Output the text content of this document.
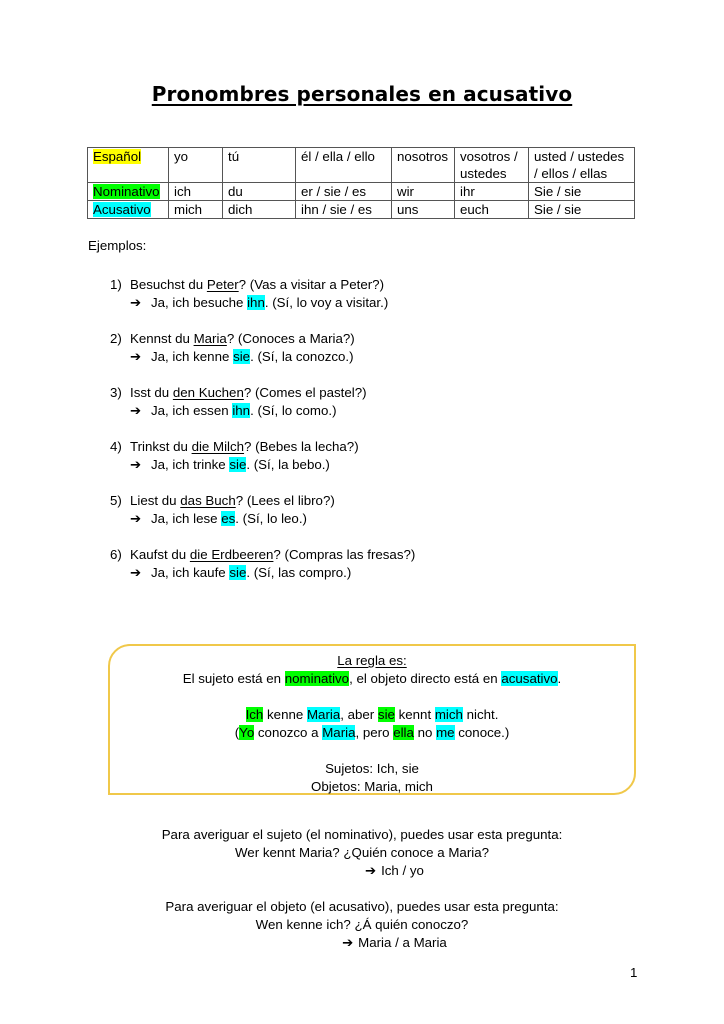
Pronombres personales en acusativo
Español	yo	tú	él / ella / ello	nosotros	vosotros / ustedes	usted / ustedes / ellos / ellas
Nominativo	ich	du	er / sie / es	wir	ihr	Sie / sie
Acusativo	mich	dich	ihn / sie / es	uns	euch	Sie / sie
Ejemplos:
1) Besuchst du Peter? (Vas a visitar a Peter?)
➔ Ja, ich besuche ihn. (Sí, lo voy a visitar.)
2) Kennst du Maria? (Conoces a Maria?)
➔ Ja, ich kenne sie. (Sí, la conozco.)
3) Isst du den Kuchen? (Comes el pastel?)
➔ Ja, ich essen ihn. (Sí, lo como.)
4) Trinkst du die Milch? (Bebes la lecha?)
➔ Ja, ich trinke sie. (Sí, la bebo.)
5) Liest du das Buch? (Lees el libro?)
➔ Ja, ich lese es. (Sí, lo leo.)
6) Kaufst du die Erdbeeren? (Compras las fresas?)
➔ Ja, ich kaufe sie. (Sí, las compro.)
La regla es:
El sujeto está en nominativo, el objeto directo está en acusativo.
Ich kenne Maria, aber sie kennt mich nicht.
(Yo conozco a Maria, pero ella no me conoce.)
Sujetos: Ich, sie
Objetos: Maria, mich
Para averiguar el sujeto (el nominativo), puedes usar esta pregunta:
Wer kennt Maria? ¿Quién conoce a Maria?
➔ Ich / yo
Para averiguar el objeto (el acusativo), puedes usar esta pregunta:
Wen kenne ich? ¿Á quién conoczo?
➔ Maria / a Maria
1
